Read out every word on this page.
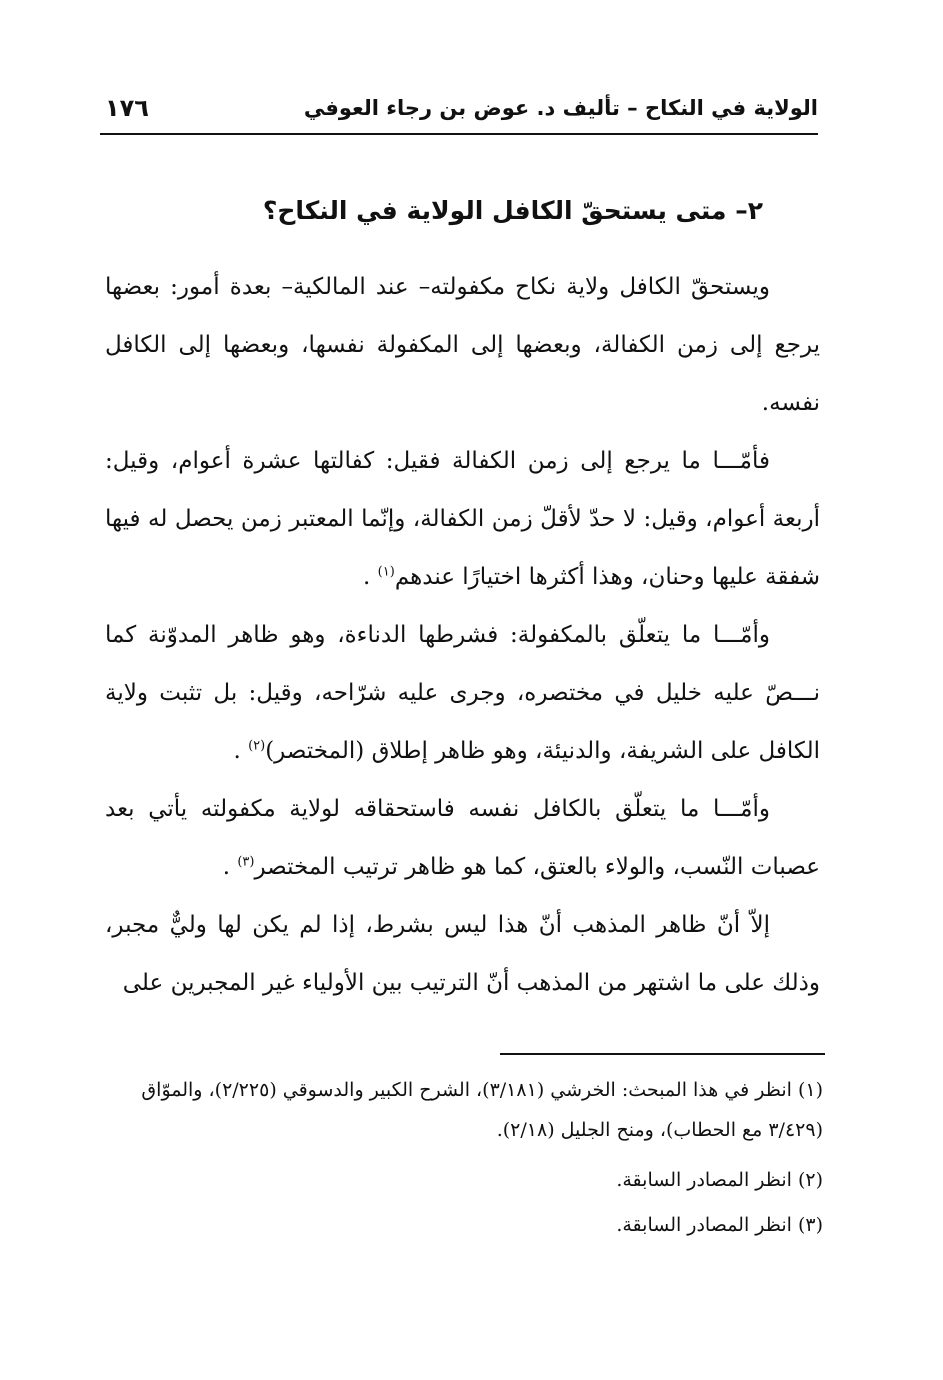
الولاية في النكاح – تأليف د. عوض بن رجاء العوفي
١٧٦
٢– متى يستحقّ الكافل الولاية في النكاح؟

ويستحقّ الكافل ولاية نكاح مكفولته– عند المالكية– بعدة أمور: بعضها يرجع إلى زمن الكفالة، وبعضها إلى المكفولة نفسها، وبعضها إلى الكافل نفسه.

فأمّـــا ما يرجع إلى زمن الكفالة فقيل: كفالتها عشرة أعوام، وقيل: أربعة أعوام، وقيل: لا حدّ لأقلّ زمن الكفالة، وإنّما المعتبر زمن يحصل له فيها شفقة عليها وحنان، وهذا أكثرها اختيارًا عندهم$^{(١)}$ .

وأمّـــا ما يتعلّق بالمكفولة: فشرطها الدناءة، وهو ظاهر المدوّنة كما نـــصّ عليه خليل في مختصره، وجرى عليه شرّاحه، وقيل: بل تثبت ولاية الكافل على الشريفة، والدنيئة، وهو ظاهر إطلاق (المختصر)$^{(٢)}$ .

وأمّـــا ما يتعلّق بالكافل نفسه فاستحقاقه لولاية مكفولته يأتي بعد عصبات النّسب، والولاء بالعتق، كما هو ظاهر ترتيب المختصر$^{(٣)}$ .

إلاّ أنّ ظاهر المذهب أنّ هذا ليس بشرط، إذا لم يكن لها وليٌّ مجبر، وذلك على ما اشتهر من المذهب أنّ الترتيب بين الأولياء غير المجبرين على

(١)انظر في هذا المبحث: الخرشي (٣/١٨١)، الشرح الكبير والدسوقي (٢/٢٢٥)، والموّاق (٣/٤٢٩ مع الحطاب)، ومنح الجليل (٢/١٨).

(٢)انظر المصادر السابقة.

(٣)انظر المصادر السابقة.
